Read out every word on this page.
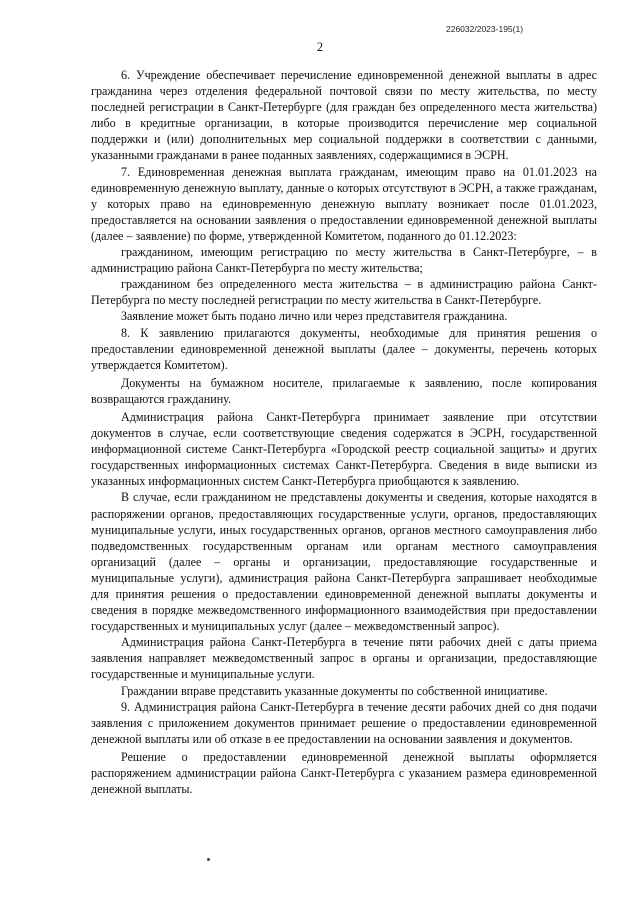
226032/2023-195(1)
2

6. Учреждение обеспечивает перечисление единовременной денежной выплаты в адрес гражданина через отделения федеральной почтовой связи по месту жительства, по месту последней регистрации в Санкт-Петербурге (для граждан без определенного места жительства) либо в кредитные организации, в которые производится перечисление мер социальной поддержки и (или) дополнительных мер социальной поддержки в соответствии с данными, указанными гражданами в ранее поданных заявлениях, содержащимися в ЭСРН.

7. Единовременная денежная выплата гражданам, имеющим право на 01.01.2023 на единовременную денежную выплату, данные о которых отсутствуют в ЭСРН, а также гражданам, у которых право на единовременную денежную выплату возникает после 01.01.2023, предоставляется на основании заявления о предоставлении единовременной денежной выплаты (далее – заявление) по форме, утвержденной Комитетом, поданного до 01.12.2023:

гражданином, имеющим регистрацию по месту жительства в Санкт-Петербурге, – в администрацию района Санкт-Петербурга по месту жительства;

гражданином без определенного места жительства – в администрацию района Санкт-Петербурга по месту последней регистрации по месту жительства в Санкт-Петербурге.

Заявление может быть подано лично или через представителя гражданина.

8. К заявлению прилагаются документы, необходимые для принятия решения о предоставлении единовременной денежной выплаты (далее – документы, перечень которых утверждается Комитетом).

Документы на бумажном носителе, прилагаемые к заявлению, после копирования возвращаются гражданину.

Администрация района Санкт-Петербурга принимает заявление при отсутствии документов в случае, если соответствующие сведения содержатся в ЭСРН, государственной информационной системе Санкт-Петербурга «Городской реестр социальной защиты» и других государственных информационных системах Санкт-Петербурга. Сведения в виде выписки из указанных информационных систем Санкт-Петербурга приобщаются к заявлению.

В случае, если гражданином не представлены документы и сведения, которые находятся в распоряжении органов, предоставляющих государственные услуги, органов, предоставляющих муниципальные услуги, иных государственных органов, органов местного самоуправления либо подведомственных государственным органам или органам местного самоуправления организаций (далее – органы и организации, предоставляющие государственные и муниципальные услуги), администрация района Санкт-Петербурга запрашивает необходимые для принятия решения о предоставлении единовременной денежной выплаты документы и сведения в порядке межведомственного информационного взаимодействия при предоставлении государственных и муниципальных услуг (далее – межведомственный запрос).

Администрация района Санкт-Петербурга в течение пяти рабочих дней с даты приема заявления направляет межведомственный запрос в органы и организации, предоставляющие государственные и муниципальные услуги.

Граждании вправе представить указанные документы по собственной инициативе.

9. Администрация района Санкт-Петербурга в течение десяти рабочих дней со дня подачи заявления с приложением документов принимает решение о предоставлении единовременной денежной выплаты или об отказе в ее предоставлении на основании заявления и документов.

Решение о предоставлении единовременной денежной выплаты оформляется распоряжением администрации района Санкт-Петербурга с указанием размера единовременной денежной выплаты.
